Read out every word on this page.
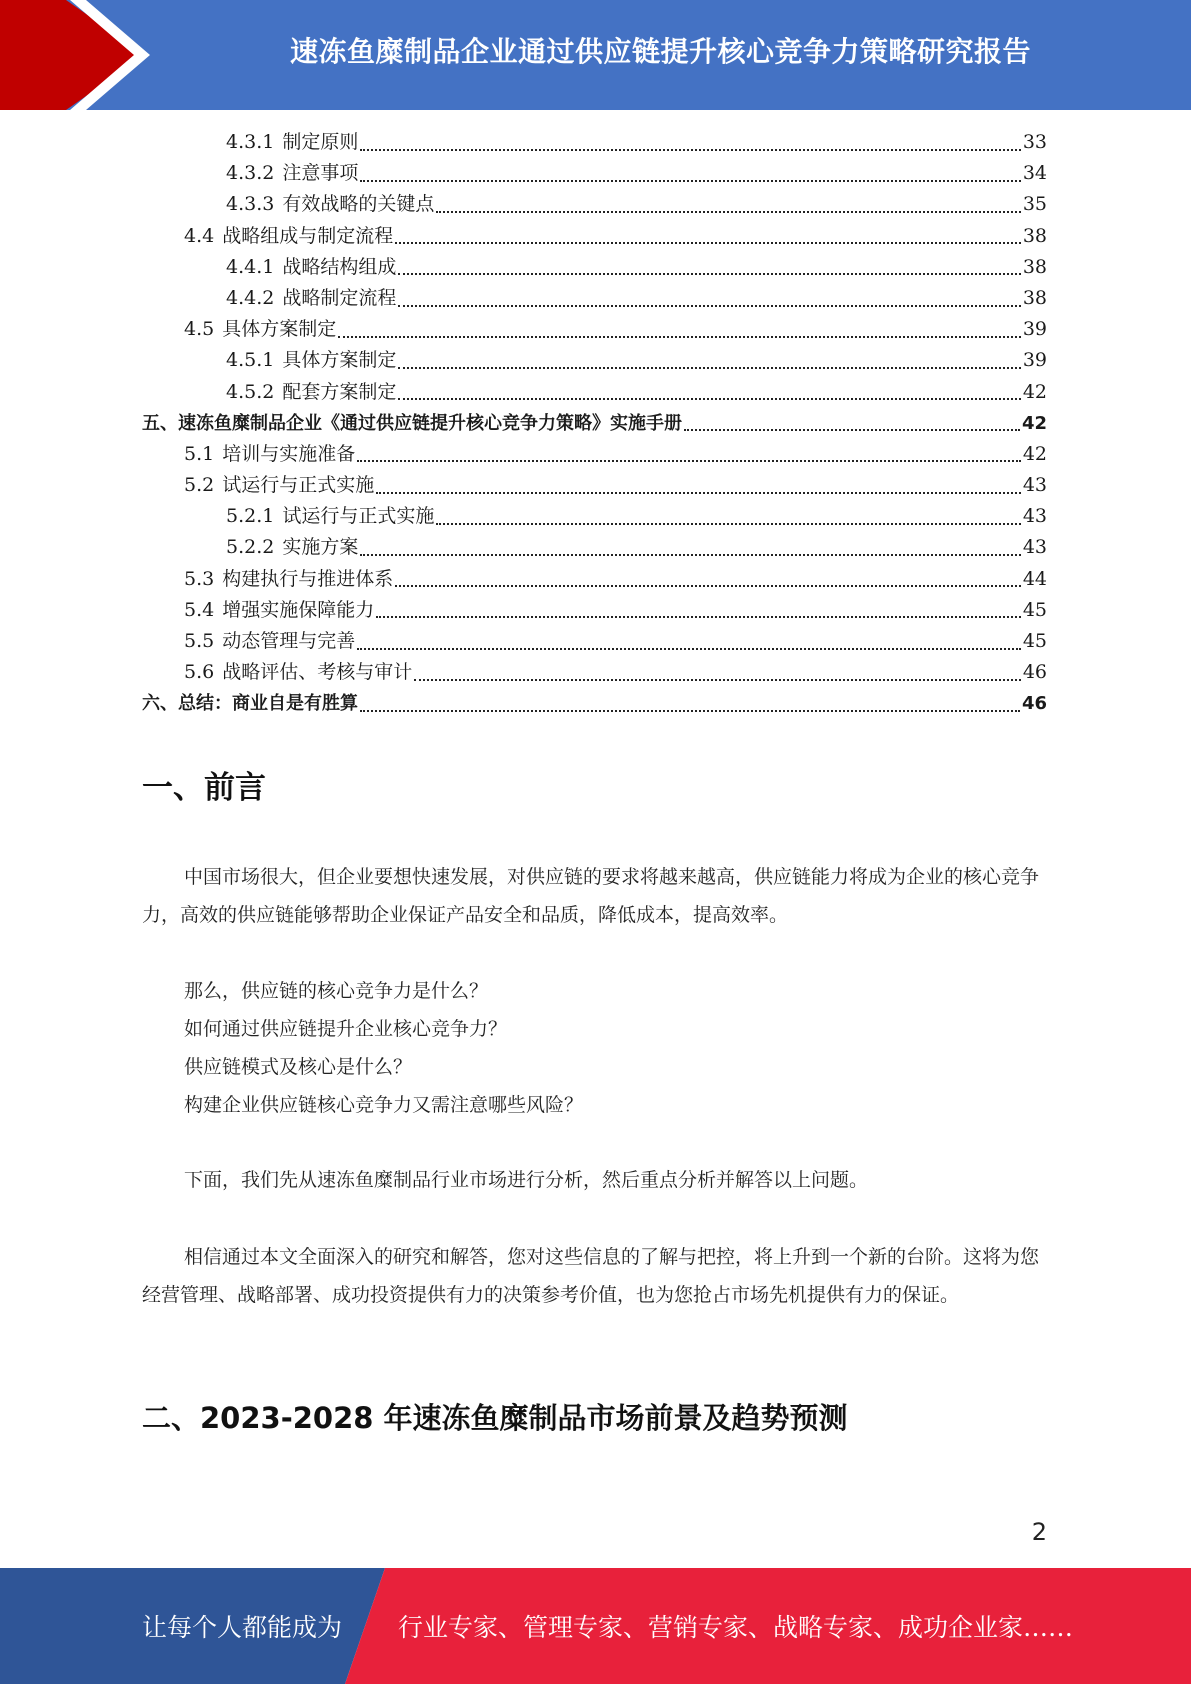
速冻鱼糜制品企业通过供应链提升核心竞争力策略研究报告
4.3.1 制定原则	33
4.3.2 注意事项	34
4.3.3 有效战略的关键点	35
4.4 战略组成与制定流程	38
4.4.1 战略结构组成	38
4.4.2 战略制定流程	38
4.5 具体方案制定	39
4.5.1 具体方案制定	39
4.5.2 配套方案制定	42
五、速冻鱼糜制品企业《通过供应链提升核心竞争力策略》实施手册	42
5.1 培训与实施准备	42
5.2 试运行与正式实施	43
5.2.1 试运行与正式实施	43
5.2.2 实施方案	43
5.3 构建执行与推进体系	44
5.4 增强实施保障能力	45
5.5 动态管理与完善	45
5.6 战略评估、考核与审计	46
六、总结：商业自是有胜算	46
一、前言

中国市场很大，但企业要想快速发展，对供应链的要求将越来越高，供应链能力将成为企业的核心竞争力，高效的供应链能够帮助企业保证产品安全和品质，降低成本，提高效率。

那么，供应链的核心竞争力是什么？
如何通过供应链提升企业核心竞争力？
供应链模式及核心是什么？
构建企业供应链核心竞争力又需注意哪些风险？

下面，我们先从速冻鱼糜制品行业市场进行分析，然后重点分析并解答以上问题。

相信通过本文全面深入的研究和解答，您对这些信息的了解与把控，将上升到一个新的台阶。这将为您经营管理、战略部署、成功投资提供有力的决策参考价值，也为您抢占市场先机提供有力的保证。

二、2023-2028 年速冻鱼糜制品市场前景及趋势预测
2
让每个人都能成为 行业专家、管理专家、营销专家、战略专家、成功企业家……
